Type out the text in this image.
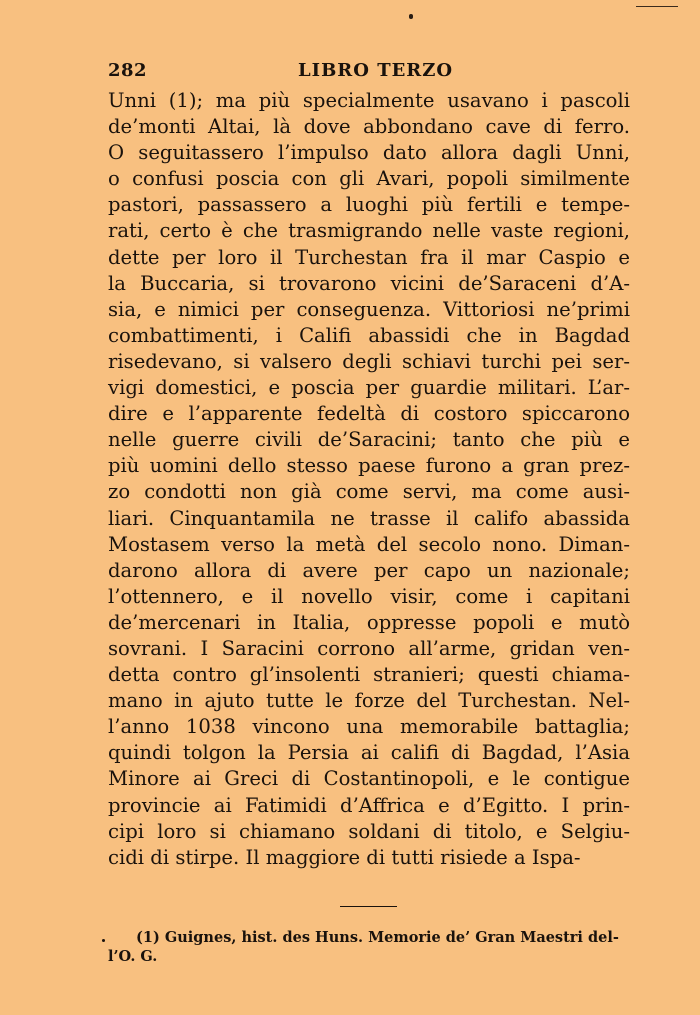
282	LIBRO TERZO
Unni (1); ma più specialmente usavano i pascoli
de’monti Altai, là dove abbondano cave di ferro.
O seguitassero l’impulso dato allora dagli Unni,
o confusi poscia con gli Avari, popoli similmente
pastori, passassero a luoghi più fertili e tempe-
rati, certo è che trasmigrando nelle vaste regioni,
dette per loro il Turchestan fra il mar Caspio e
la Buccaria, si trovarono vicini de’Saraceni d’A-
sia, e nimici per conseguenza. Vittoriosi ne’primi
combattimenti, i Califi abassidi che in Bagdad
risedevano, si valsero degli schiavi turchi pei ser-
vigi domestici, e poscia per guardie militari. L’ar-
dire e l’apparente fedeltà di costoro spiccarono
nelle guerre civili de’Saracini; tanto che più e
più uomini dello stesso paese furono a gran prez-
zo condotti non già come servi, ma come ausi-
liari. Cinquantamila ne trasse il califo abassida
Mostasem verso la metà del secolo nono. Diman-
darono allora di avere per capo un nazionale;
l’ottennero, e il novello visir, come i capitani
de’mercenari in Italia, oppresse popoli e mutò
sovrani. I Saracini corrono all’arme, gridan ven-
detta contro gl’insolenti stranieri; questi chiama-
mano in ajuto tutte le forze del Turchestan. Nel-
l’anno 1038 vincono una memorabile battaglia;
quindi tolgon la Persia ai califi di Bagdad, l’Asia
Minore ai Greci di Costantinopoli, e le contigue
provincie ai Fatimidi d’Affrica e d’Egitto. I prin-
cipi loro si chiamano soldani di titolo, e Selgiu-
cidi di stirpe. Il maggiore di tutti risiede a Ispa-
(1) Guignes, hist. des Huns. Memorie de’ Gran Maestri del-
l’O. G.
